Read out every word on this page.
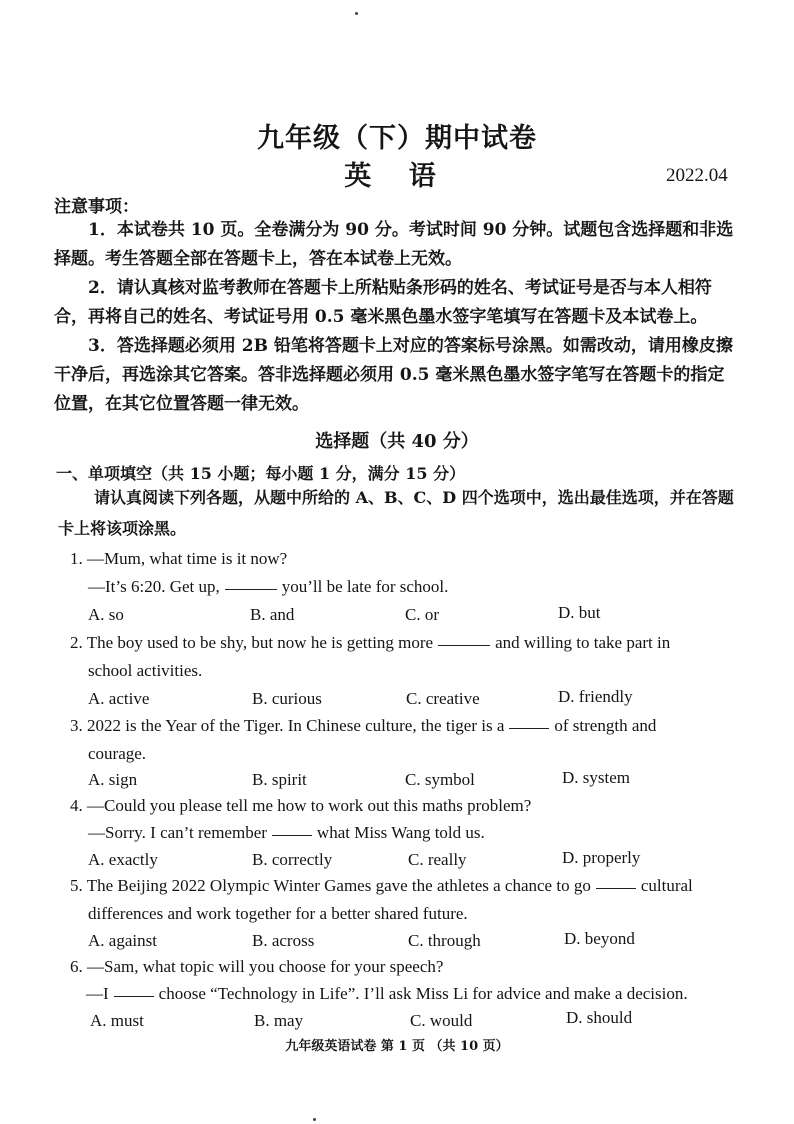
九年级（下）期中试卷
英 语	2022.04
注意事项：
1．本试卷共 10 页。全卷满分为 90 分。考试时间 90 分钟。试题包含选择题和非选择题。考生答题全部在答题卡上，答在本试卷上无效。
2．请认真核对监考教师在答题卡上所粘贴条形码的姓名、考试证号是否与本人相符合，再将自己的姓名、考试证号用 0.5 毫米黑色墨水签字笔填写在答题卡及本试卷上。
3．答选择题必须用 2B 铅笔将答题卡上对应的答案标号涂黑。如需改动，请用橡皮擦干净后，再选涂其它答案。答非选择题必须用 0.5 毫米黑色墨水签字笔写在答题卡的指定位置，在其它位置答题一律无效。
选择题（共 40 分）
一、单项填空（共 15 小题；每小题 1 分，满分 15 分）
请认真阅读下列各题，从题中所给的 A、B、C、D 四个选项中，选出最佳选项，并在答题卡上将该项涂黑。
1. —Mum, what time is it now?
—It’s 6:20. Get up,	you’ll be late for school.
A. so	B. and	C. or	D. but
2. The boy used to be shy, but now he is getting more	and willing to take part in
school activities.
A. active	B. curious	C. creative	D. friendly
3. 2022 is the Year of the Tiger. In Chinese culture, the tiger is a	of strength and
courage.
A. sign	B. spirit	C. symbol	D. system
4. —Could you please tell me how to work out this maths problem?
—Sorry. I can’t remember	what Miss Wang told us.
A. exactly	B. correctly	C. really	D. properly
5. The Beijing 2022 Olympic Winter Games gave the athletes a chance to go	cultural
differences and work together for a better shared future.
A. against	B. across	C. through	D. beyond
6. —Sam, what topic will you choose for your speech?
—I	choose “Technology in Life”. I’ll ask Miss Li for advice and make a decision.
A. must	B. may	C. would	D. should
九年级英语试卷 第 1 页 （共 10 页）
